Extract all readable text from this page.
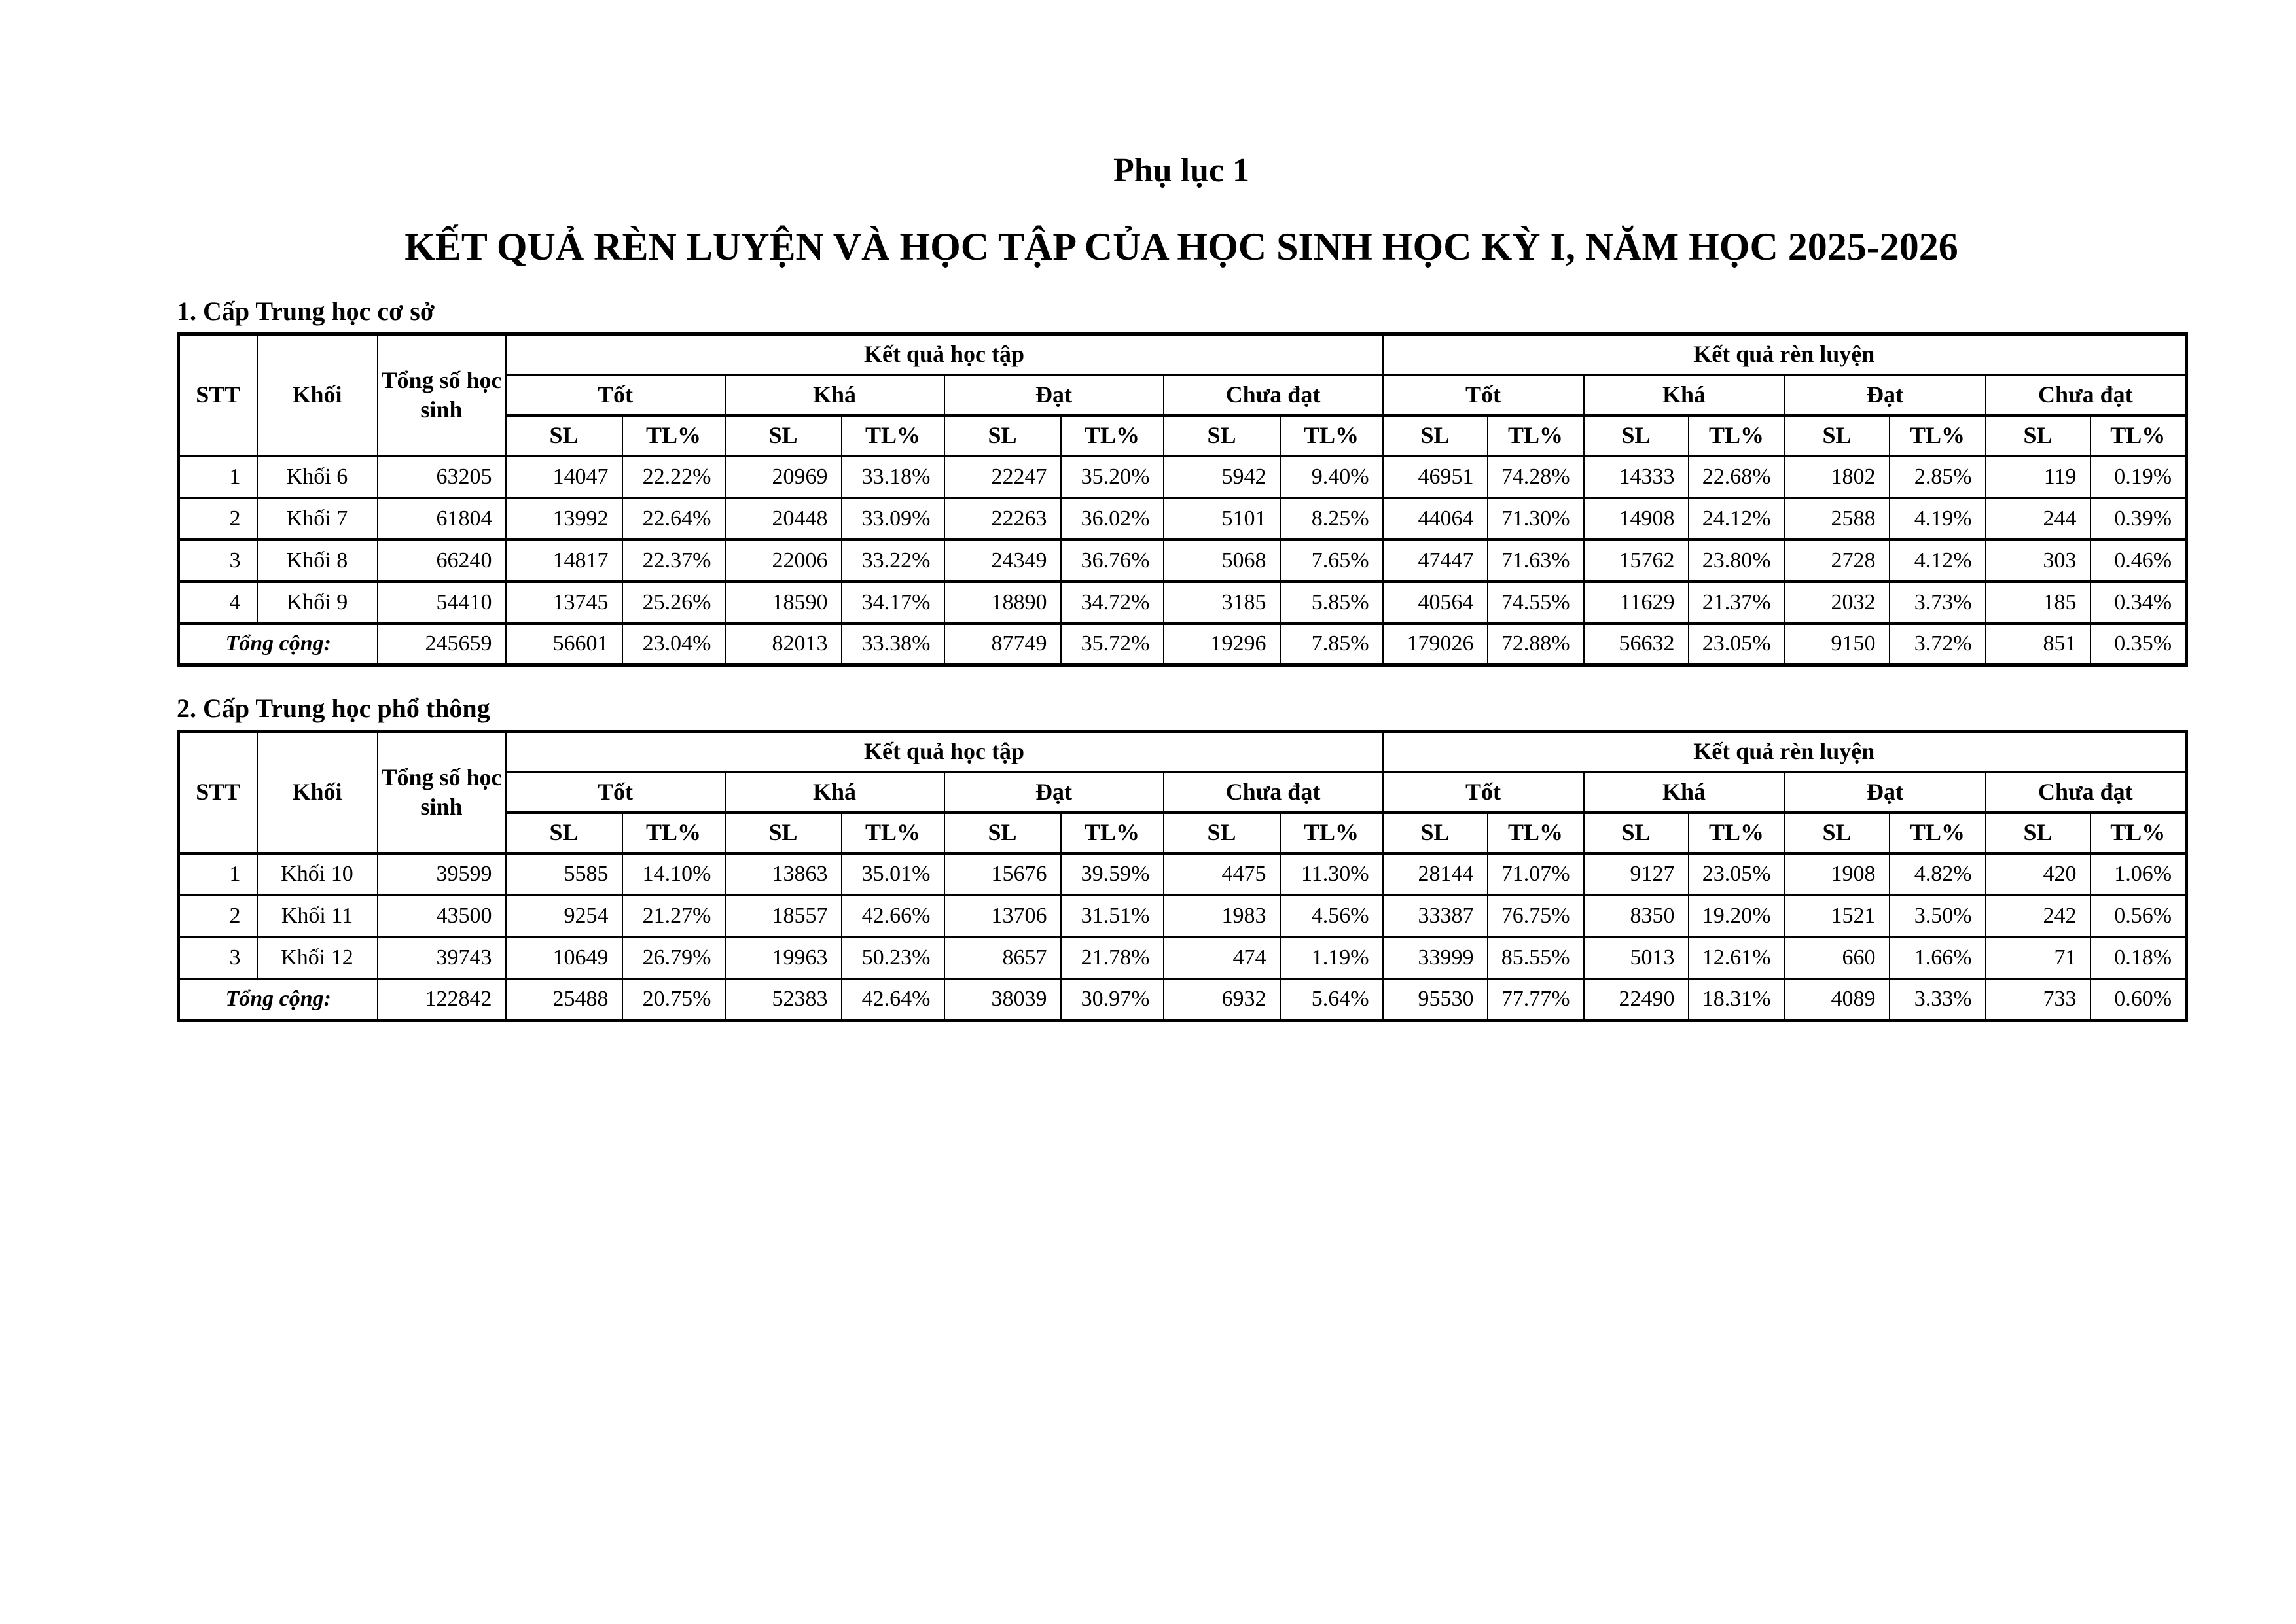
Phụ lục 1
KẾT QUẢ RÈN LUYỆN VÀ HỌC TẬP CỦA HỌC SINH HỌC KỲ I, NĂM HỌC 2025-2026
1. Cấp Trung học cơ sở
STT	Khối	Tổng số học sinh	Kết quả học tập								Kết quả rèn luyện							
			Tốt		Khá		Đạt		Chưa đạt		Tốt		Khá		Đạt		Chưa đạt	
			SL	TL%	SL	TL%	SL	TL%	SL	TL%	SL	TL%	SL	TL%	SL	TL%	SL	TL%
1	Khối 6	63205	14047	22.22%	20969	33.18%	22247	35.20%	5942	9.40%	46951	74.28%	14333	22.68%	1802	2.85%	119	0.19%
2	Khối 7	61804	13992	22.64%	20448	33.09%	22263	36.02%	5101	8.25%	44064	71.30%	14908	24.12%	2588	4.19%	244	0.39%
3	Khối 8	66240	14817	22.37%	22006	33.22%	24349	36.76%	5068	7.65%	47447	71.63%	15762	23.80%	2728	4.12%	303	0.46%
4	Khối 9	54410	13745	25.26%	18590	34.17%	18890	34.72%	3185	5.85%	40564	74.55%	11629	21.37%	2032	3.73%	185	0.34%
Tổng cộng:		245659	56601	23.04%	82013	33.38%	87749	35.72%	19296	7.85%	179026	72.88%	56632	23.05%	9150	3.72%	851	0.35%
2. Cấp Trung học phổ thông
STT	Khối	Tổng số học sinh	Kết quả học tập								Kết quả rèn luyện							
			Tốt		Khá		Đạt		Chưa đạt		Tốt		Khá		Đạt		Chưa đạt	
			SL	TL%	SL	TL%	SL	TL%	SL	TL%	SL	TL%	SL	TL%	SL	TL%	SL	TL%
1	Khối 10	39599	5585	14.10%	13863	35.01%	15676	39.59%	4475	11.30%	28144	71.07%	9127	23.05%	1908	4.82%	420	1.06%
2	Khối 11	43500	9254	21.27%	18557	42.66%	13706	31.51%	1983	4.56%	33387	76.75%	8350	19.20%	1521	3.50%	242	0.56%
3	Khối 12	39743	10649	26.79%	19963	50.23%	8657	21.78%	474	1.19%	33999	85.55%	5013	12.61%	660	1.66%	71	0.18%
Tổng cộng:		122842	25488	20.75%	52383	42.64%	38039	30.97%	6932	5.64%	95530	77.77%	22490	18.31%	4089	3.33%	733	0.60%
